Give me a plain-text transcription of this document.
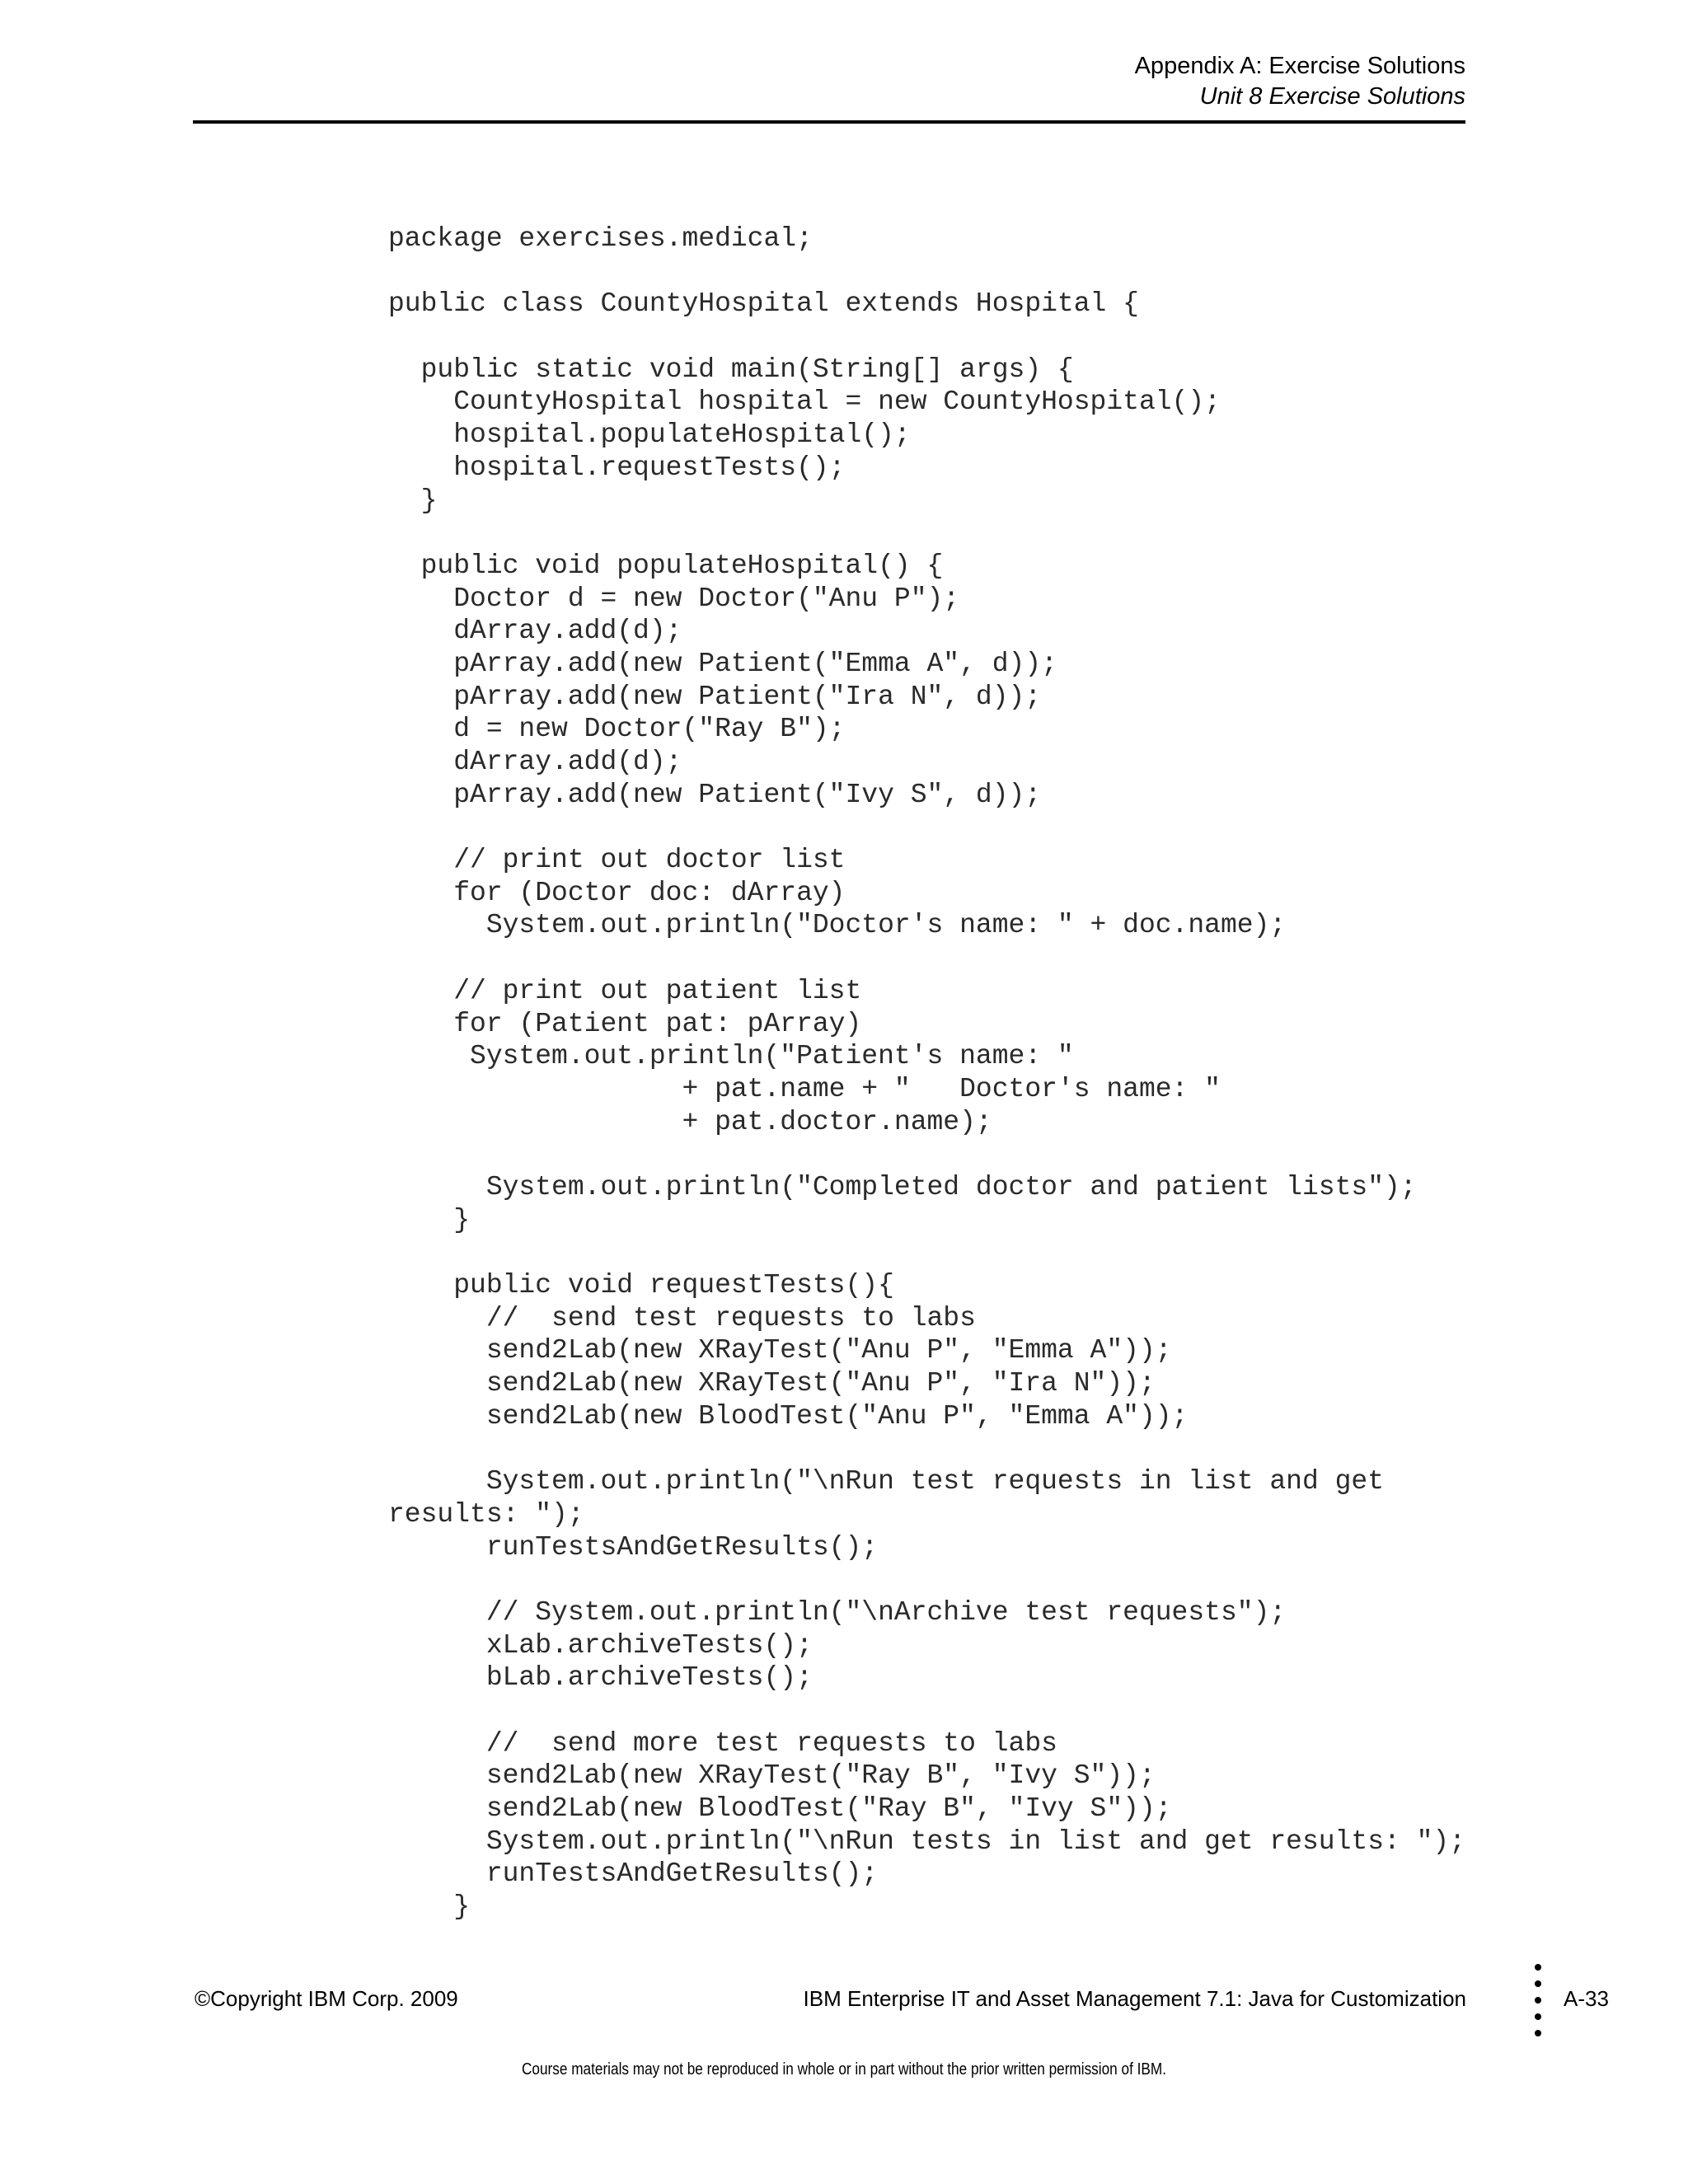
Appendix A: Exercise Solutions
Unit 8 Exercise Solutions
package exercises.medical;
public class CountyHospital extends Hospital {
public static void main(String[] args) {
CountyHospital hospital = new CountyHospital();
hospital.populateHospital();
hospital.requestTests();
}
public void populateHospital() {
Doctor d = new Doctor("Anu P");
dArray.add(d);
pArray.add(new Patient("Emma A", d));
pArray.add(new Patient("Ira N", d));
d = new Doctor("Ray B");
dArray.add(d);
pArray.add(new Patient("Ivy S", d));
// print out doctor list
for (Doctor doc: dArray)
System.out.println("Doctor's name: " + doc.name);
// print out patient list
for (Patient pat: pArray)
System.out.println("Patient's name: "
+ pat.name + "   Doctor's name: "
+ pat.doctor.name);
System.out.println("Completed doctor and patient lists");
}
public void requestTests(){
//  send test requests to labs
send2Lab(new XRayTest("Anu P", "Emma A"));
send2Lab(new XRayTest("Anu P", "Ira N"));
send2Lab(new BloodTest("Anu P", "Emma A"));
System.out.println("\nRun test requests in list and get
results: ");
runTestsAndGetResults();
// System.out.println("\nArchive test requests");
xLab.archiveTests();
bLab.archiveTests();
//  send more test requests to labs
send2Lab(new XRayTest("Ray B", "Ivy S"));
send2Lab(new BloodTest("Ray B", "Ivy S"));
System.out.println("\nRun tests in list and get results: ");
runTestsAndGetResults();
}
©Copyright IBM Corp. 2009	IBM Enterprise IT and Asset Management 7.1: Java for Customization	A-33
Course materials may not be reproduced in whole or in part without the prior written permission of IBM.
